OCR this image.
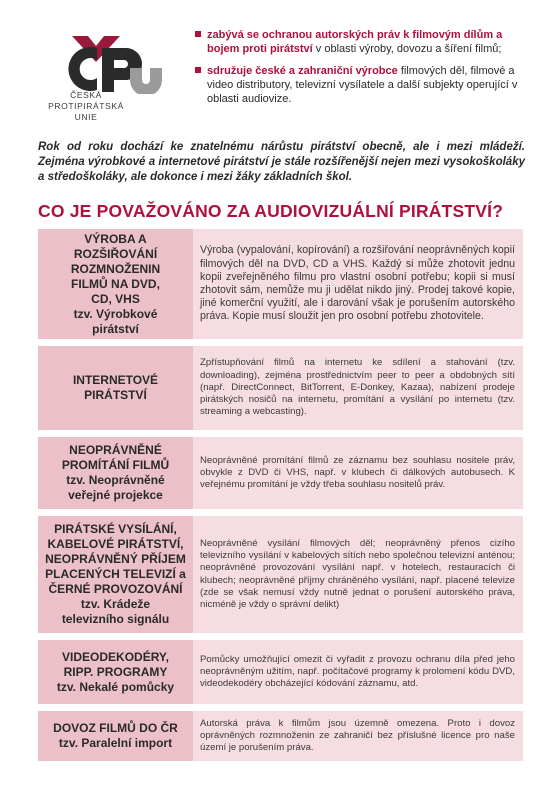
ČESKÁ
PROTIPIRÁTSKÁ
UNIE
zabývá se ochranou autorských práv k filmovým dílům a bojem proti pirátství v oblasti výroby, dovozu a šíření filmů;
sdružuje české a zahraniční výrobce filmových děl, filmové a video distributory, televizní vysílatele a další subjekty operující v oblasti audiovize.
Rok od roku dochází ke znatelnému nárůstu pirátství obecně, ale i mezi mládeží. Zejména výrobkové a internetové pirátství je stále rozšířenější nejen mezi vysokoškoláky a středoškoláky, ale dokonce i mezi žáky základních škol.
CO JE POVAŽOVÁNO ZA AUDIOVIZUÁLNÍ PIRÁTSTVÍ?
VÝROBA A ROZŠIŘOVÁNÍ ROZMNOŽENIN FILMŮ NA DVD, CD, VHS
tzv. Výrobkové pirátství
Výroba (vypalování, kopírování) a rozšiřování neoprávněných kopií filmových děl na DVD, CD a VHS. Každý si může zhotovit jednu kopii zveřejněného filmu pro vlastní osobní potřebu; kopii si musí zhotovit sám, nemůže mu ji udělat nikdo jiný. Prodej takové kopie, jiné komerční využití, ale i darování však je porušením autorského práva. Kopie musí sloužit jen pro osobní potřebu zhotovitele.
INTERNETOVÉ PIRÁTSTVÍ
Zpřístupňování filmů na internetu ke sdílení a stahování (tzv. downloading), zejména prostřednictvím peer to peer a obdobných sítí (např. DirectConnect, BitTorrent, E-Donkey, Kazaa), nabízení prodeje pirátských nosičů na internetu, promítání a vysílání po internetu (tzv. streaming a webcasting).
NEOPRÁVNĚNÉ PROMÍTÁNÍ FILMŮ
tzv. Neoprávněné veřejné projekce
Neoprávněné promítání filmů ze záznamu bez souhlasu nositele práv, obvykle z DVD či VHS, např. v klubech či dálkových autobusech. K veřejnému promítání je vždy třeba souhlasu nositelů práv.
PIRÁTSKÉ VYSÍLÁNÍ, KABELOVÉ PIRÁTSTVÍ, NEOPRÁVNĚNÝ PŘÍJEM PLACENÝCH TELEVIZÍ a ČERNÉ PROVOZOVÁNÍ
tzv. Krádeže televizního signálu
Neoprávněné vysílání filmových děl; neoprávněný přenos cizího televizního vysílání v kabelových sítích nebo společnou televizní anténou; neoprávněné provozování vysílání např. v hotelech, restauracích či klubech; neoprávněné příjmy chráněného vysílání, např. placené televize (zde se však nemusí vždy nutně jednat o porušení autorského práva, nicméně je vždy o správní delikt)
VIDEODEKODÉRY, RIPP. PROGRAMY
tzv. Nekalé pomůcky
Pomůcky umožňující omezit či vyřadit z provozu ochranu díla před jeho neoprávněným užitím, např. počítačové programy k prolomení kódu DVD, videodekodéry obcházející kódování záznamu, atd.
DOVOZ FILMŮ DO ČR
tzv. Paralelní import
Autorská práva k filmům jsou územně omezena. Proto i dovoz oprávněných rozmnoženin ze zahraničí bez příslušné licence pro naše území je porušením práva.
